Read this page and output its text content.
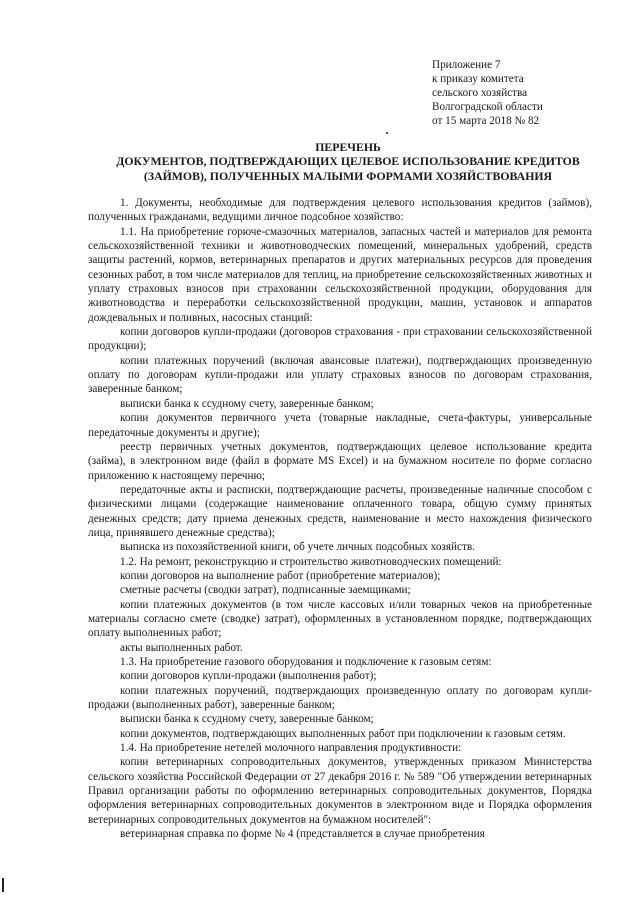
Приложение 7
к приказу комитета
сельского хозяйства
Волгоградской области
от 15 марта 2018 № 82
ПЕРЕЧЕНЬ
ДОКУМЕНТОВ, ПОДТВЕРЖДАЮЩИХ ЦЕЛЕВОЕ ИСПОЛЬЗОВАНИЕ КРЕДИТОВ
(ЗАЙМОВ), ПОЛУЧЕННЫХ МАЛЫМИ ФОРМАМИ ХОЗЯЙСТВОВАНИЯ

1. Документы, необходимые для подтверждения целевого использования кредитов (займов), полученных гражданами, ведущими личное подсобное хозяйство:

1.1. На приобретение горюче-смазочных материалов, запасных частей и материалов для ремонта сельскохозяйственной техники и животноводческих помещений, минеральных удобрений, средств защиты растений, кормов, ветеринарных препаратов и других материальных ресурсов для проведения сезонных работ, в том числе материалов для теплиц, на приобретение сельскохозяйственных животных и уплату страховых взносов при страховании сельскохозяйственной продукции, оборудования для животноводства и переработки сельскохозяйственной продукции, машин, установок и аппаратов дождевальных и поливных, насосных станций:

копии договоров купли-продажи (договоров страхования - при страховании сельскохозяйственной продукции);

копии платежных поручений (включая авансовые платежи), подтверждающих произведенную оплату по договорам купли-продажи или уплату страховых взносов по договорам страхования, заверенные банком;

выписки банка к ссудному счету, заверенные банком;

копии документов первичного учета (товарные накладные, счета-фактуры, универсальные передаточные документы и другие);

реестр первичных учетных документов, подтверждающих целевое использование кредита (займа), в электронном виде (файл в формате MS Excel) и на бумажном носителе по форме согласно приложению к настоящему перечню;

передаточные акты и расписки, подтверждающие расчеты, произведенные наличные способом с физическими лицами (содержащие наименование оплаченного товара, общую сумму принятых денежных средств; дату приема денежных средств, наименование и место нахождения физического лица, принявшего денежные средства);

выписка из похозяйственной книги, об учете личных подсобных хозяйств.

1.2. На ремонт, реконструкцию и строительство животноводческих помещений:

копии договоров на выполнение работ (приобретение материалов);

сметные расчеты (сводки затрат), подписанные заемщиками;

копии платежных документов (в том числе кассовых и/или товарных чеков на приобретенные материалы согласно смете (сводке) затрат), оформленных в установленном порядке, подтверждающих оплату выполненных работ;

акты выполненных работ.

1.3. На приобретение газового оборудования и подключение к газовым сетям:

копии договоров купли-продажи (выполнения работ);

копии платежных поручений, подтверждающих произведенную оплату по договорам купли-продажи (выполненных работ), заверенные банком;

выписки банка к ссудному счету, заверенные банком;

копии документов, подтверждающих выполненных работ при подключении к газовым сетям.

1.4. На приобретение нетелей молочного направления продуктивности:

копии ветеринарных сопроводительных документов, утвержденных приказом Министерства сельского хозяйства Российской Федерации от 27 декабря 2016 г. № 589 "Об утверждении ветеринарных Правил организации работы по оформлению ветеринарных сопроводительных документов, Порядка оформления ветеринарных сопроводительных документов в электронном виде и Порядка оформления ветеринарных сопроводительных документов на бумажном носителей":

ветеринарная справка по форме № 4 (представляется в случае приобретения
